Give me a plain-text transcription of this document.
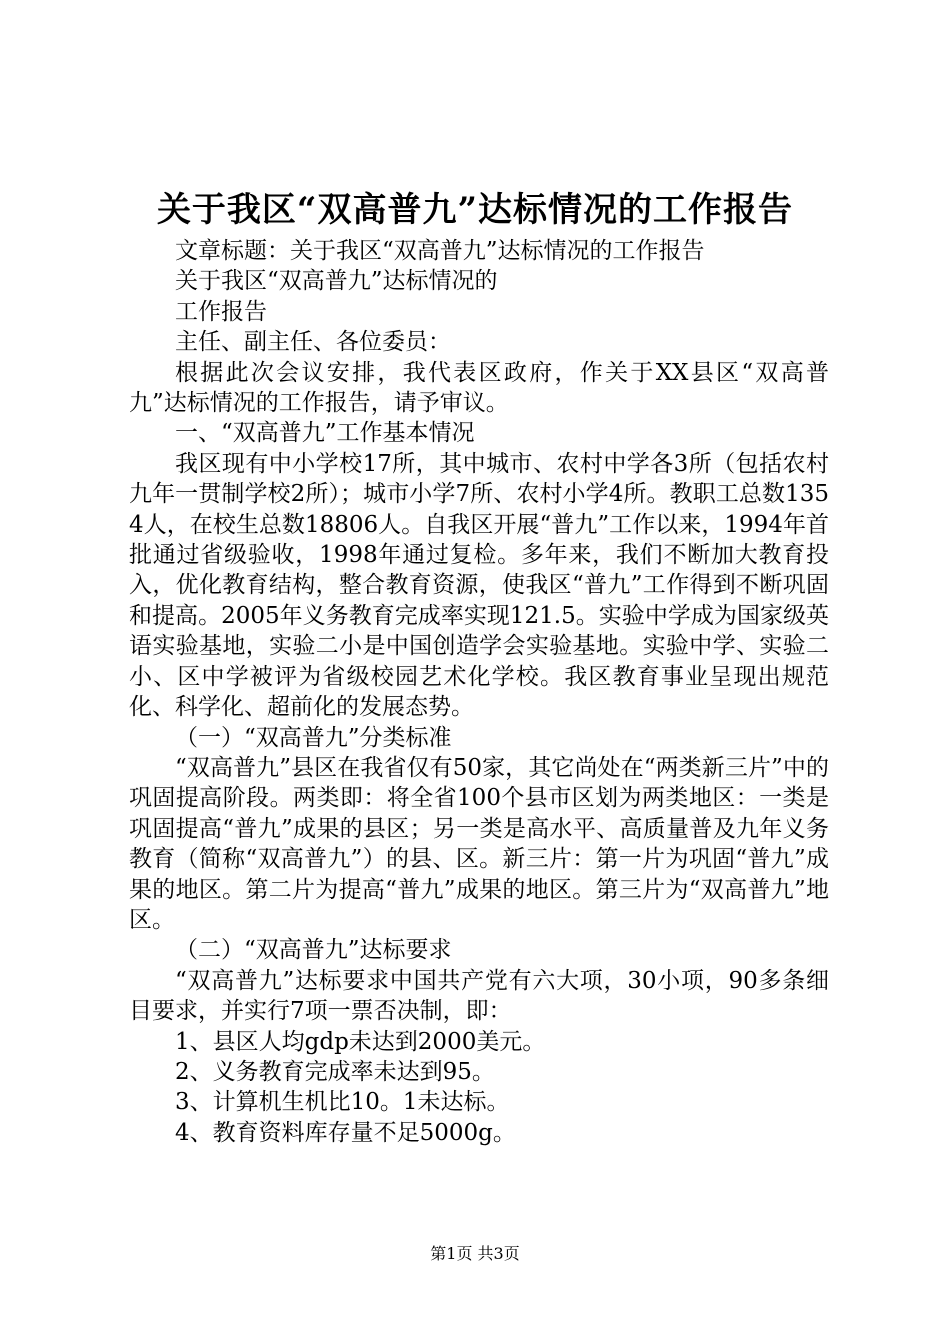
关于我区“双高普九”达标情况的工作报告

文章标题：关于我区“双高普九”达标情况的工作报告

关于我区“双高普九”达标情况的

工作报告

主任、副主任、各位委员：

根据此次会议安排，我代表区政府，作关于XX县区“双高普九”达标情况的工作报告，请予审议。

一、“双高普九”工作基本情况

我区现有中小学校17所，其中城市、农村中学各3所（包括农村九年一贯制学校2所）；城市小学7所、农村小学4所。教职工总数1354人，在校生总数18806人。自我区开展“普九”工作以来，1994年首批通过省级验收，1998年通过复检。多年来，我们不断加大教育投入，优化教育结构，整合教育资源，使我区“普九”工作得到不断巩固和提高。2005年义务教育完成率实现121.5。实验中学成为国家级英语实验基地，实验二小是中国创造学会实验基地。实验中学、实验二小、区中学被评为省级校园艺术化学校。我区教育事业呈现出规范化、科学化、超前化的发展态势。

（一）“双高普九”分类标准

“双高普九”县区在我省仅有50家，其它尚处在“两类新三片”中的巩固提高阶段。两类即：将全省100个县市区划为两类地区：一类是巩固提高“普九”成果的县区；另一类是高水平、高质量普及九年义务教育（简称“双高普九”）的县、区。新三片：第一片为巩固“普九”成果的地区。第二片为提高“普九”成果的地区。第三片为“双高普九”地区。

（二）“双高普九”达标要求

“双高普九”达标要求中国共产党有六大项，30小项，90多条细目要求，并实行7项一票否决制，即：

1、县区人均gdp未达到2000美元。

2、义务教育完成率未达到95。

3、计算机生机比10。1未达标。

4、教育资料库存量不足5000g。

第1页 共3页
